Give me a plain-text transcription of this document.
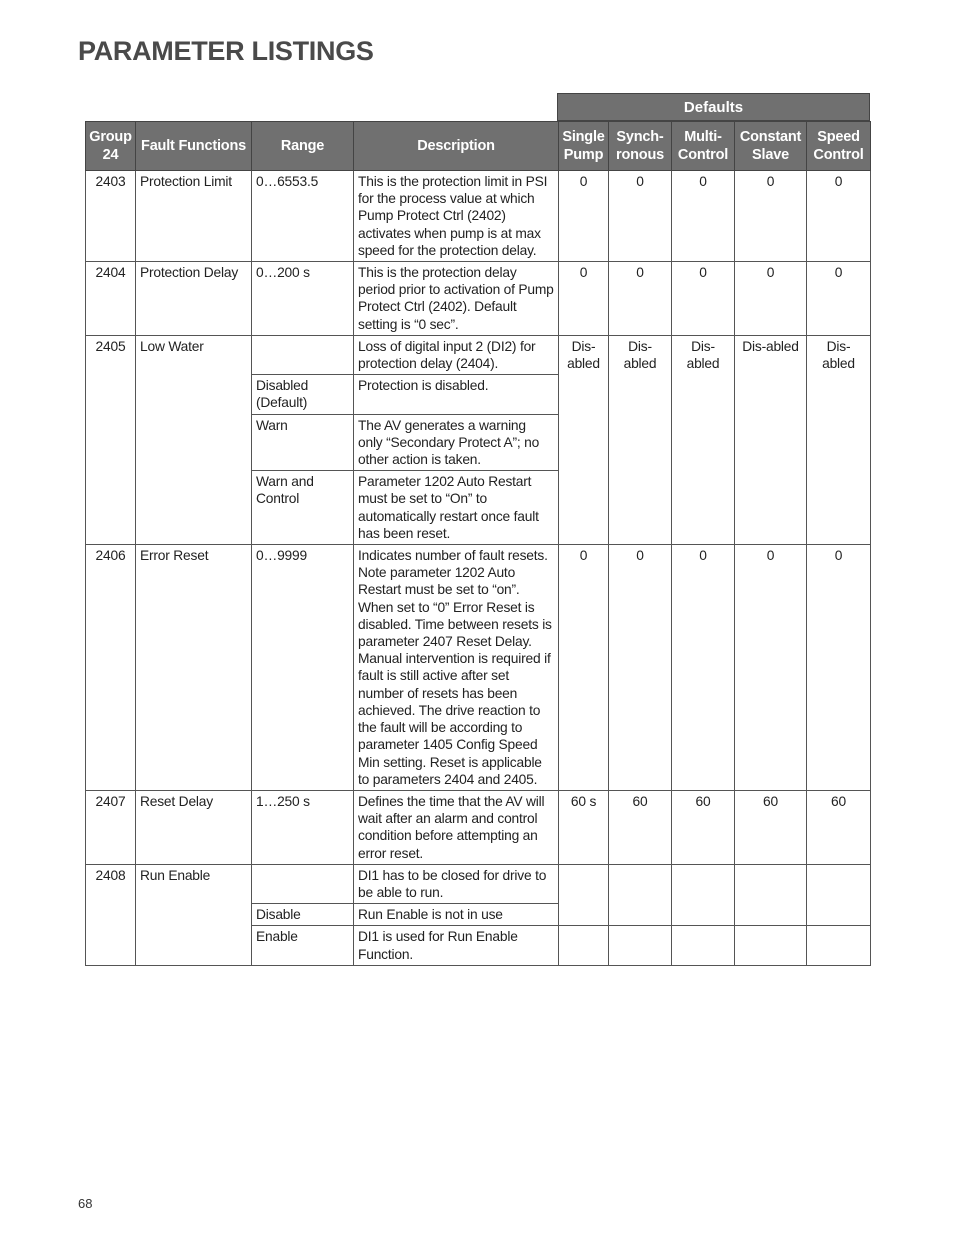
PARAMETER LISTINGS
Defaults
Group 24	Fault Functions	Range	Description	Single Pump	Synch-ronous	Multi-Control	Constant Slave	Speed Control
2403	Protection Limit	0…6553.5	This is the protection limit in PSI for the process value at which Pump Protect Ctrl (2402) activates when pump is at max speed for the protection delay.	0	0	0	0	0
2404	Protection Delay	0…200 s	This is the protection delay period prior to activation of Pump Protect Ctrl (2402). Default setting is “0 sec”.	0	0	0	0	0
2405	Low Water		Loss of digital input 2 (DI2) for protection delay (2404).	Dis-abled	Dis-abled	Dis-abled	Dis-abled	Dis-abled
		Disabled (Default)	Protection is disabled.					
		Warn	The AV generates a warning only “Secondary Protect A”; no other action is taken.					
		Warn and Control	Parameter 1202 Auto Restart must be set to “On” to automatically restart once fault has been reset.					
2406	Error Reset	0…9999	Indicates number of fault resets. Note parameter 1202 Auto Restart must be set to “on”. When set to “0” Error Reset is disabled. Time between resets is parameter 2407 Reset Delay. Manual intervention is required if fault is still active after set number of resets has been achieved. The drive reaction to the fault will be according to parameter 1405 Config Speed Min setting. Reset is applicable to parameters 2404 and 2405.	0	0	0	0	0
2407	Reset Delay	1…250 s	Defines the time that the AV will wait after an alarm and control condition before attempting an error reset.	60 s	60	60	60	60
2408	Run Enable		DI1 has to be closed for drive to be able to run.					
		Disable	Run Enable is not in use					
		Enable	DI1 is used for Run Enable Function.					
68
